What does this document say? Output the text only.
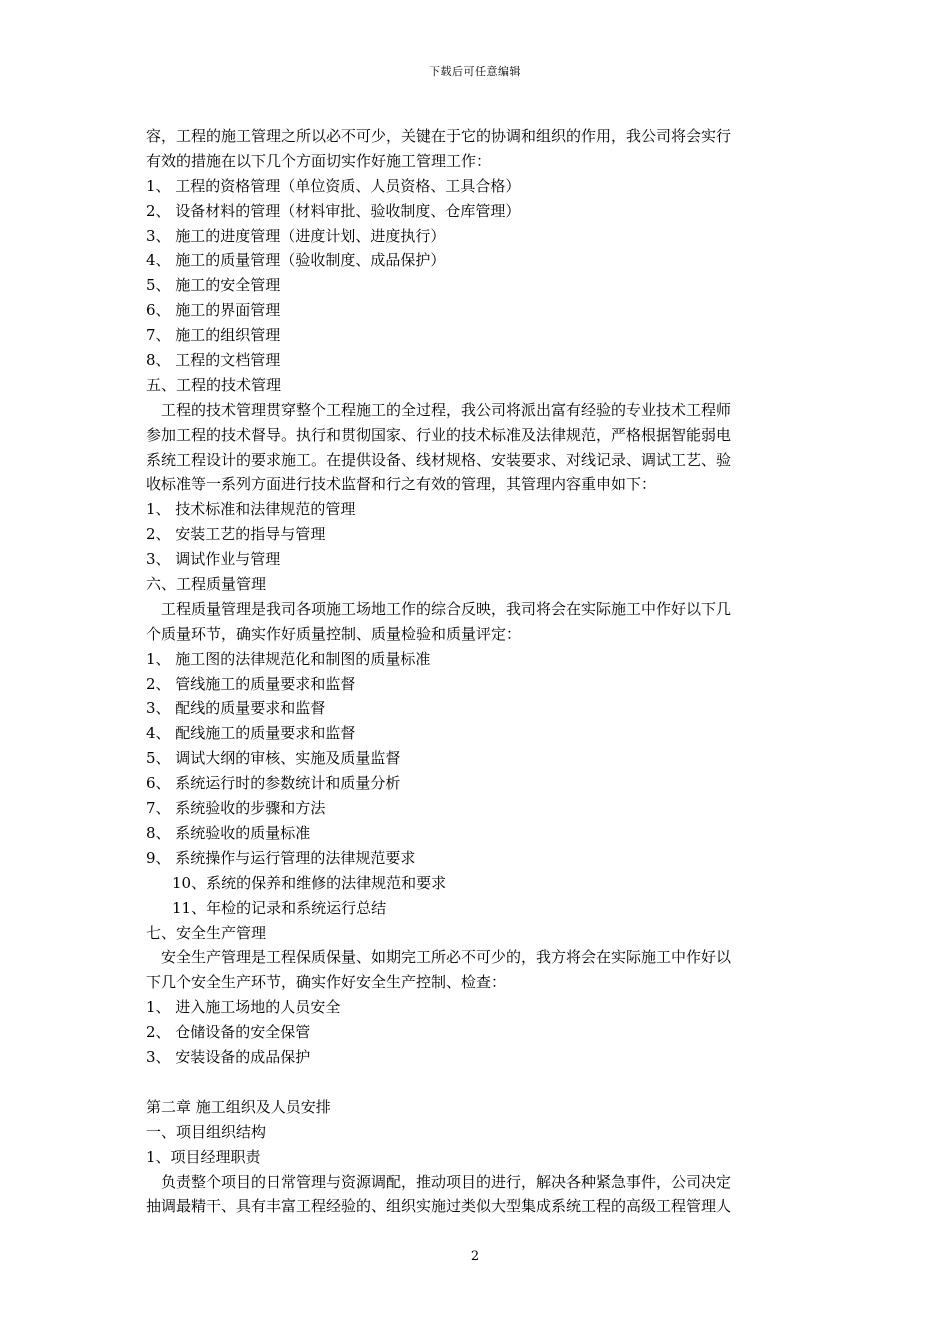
下载后可任意编辑
容，工程的施工管理之所以必不可少，关键在于它的协调和组织的作用，我公司将会实行
有效的措施在以下几个方面切实作好施工管理工作：
1、 工程的资格管理（单位资质、人员资格、工具合格）
2、 设备材料的管理（材料审批、验收制度、仓库管理）
3、 施工的进度管理（进度计划、进度执行）
4、 施工的质量管理（验收制度、成品保护）
5、 施工的安全管理
6、 施工的界面管理
7、 施工的组织管理
8、 工程的文档管理
五、工程的技术管理
工程的技术管理贯穿整个工程施工的全过程，我公司将派出富有经验的专业技术工程师
参加工程的技术督导。执行和贯彻国家、行业的技术标准及法律规范，严格根据智能弱电
系统工程设计的要求施工。在提供设备、线材规格、安装要求、对线记录、调试工艺、验
收标准等一系列方面进行技术监督和行之有效的管理，其管理内容重申如下：
1、 技术标准和法律规范的管理
2、 安装工艺的指导与管理
3、 调试作业与管理
六、工程质量管理
工程质量管理是我司各项施工场地工作的综合反映，我司将会在实际施工中作好以下几
个质量环节，确实作好质量控制、质量检验和质量评定：
1、 施工图的法律规范化和制图的质量标准
2、 管线施工的质量要求和监督
3、 配线的质量要求和监督
4、 配线施工的质量要求和监督
5、 调试大纲的审核、实施及质量监督
6、 系统运行时的参数统计和质量分析
7、 系统验收的步骤和方法
8、 系统验收的质量标准
9、 系统操作与运行管理的法律规范要求
10、系统的保养和维修的法律规范和要求
11、年检的记录和系统运行总结
七、安全生产管理
安全生产管理是工程保质保量、如期完工所必不可少的，我方将会在实际施工中作好以
下几个安全生产环节，确实作好安全生产控制、检查：
1、 进入施工场地的人员安全
2、 仓储设备的安全保管
3、 安装设备的成品保护
第二章 施工组织及人员安排
一、项目组织结构
1、项目经理职责
负责整个项目的日常管理与资源调配，推动项目的进行，解决各种紧急事件，公司决定
抽调最精干、具有丰富工程经验的、组织实施过类似大型集成系统工程的高级工程管理人
2
